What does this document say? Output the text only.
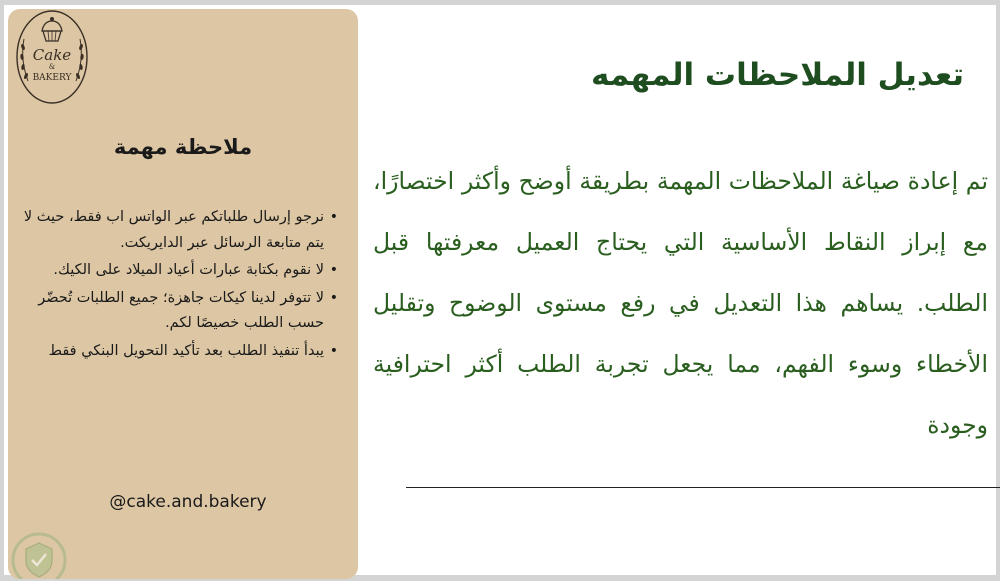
Cake
&
BAKERY
ملاحظة مهمة
• نرجو إرسال طلباتكم عبر الواتس اب فقط، حيث لا يتم متابعة الرسائل عبر الدايريكت.
• لا نقوم بكتابة عبارات أعياد الميلاد على الكيك.
• لا تتوفر لدينا كيكات جاهزة؛ جميع الطلبات تُحضّر حسب الطلب خصيصًا لكم.
• يبدأ تنفيذ الطلب بعد تأكيد التحويل البنكي فقط
@cake.and.bakery
تعديل الملاحظات المهمه
تم إعادة صياغة الملاحظات المهمة بطريقة أوضح وأكثر اختصارًا، مع إبراز النقاط الأساسية التي يحتاج العميل معرفتها قبل الطلب. يساهم هذا التعديل في رفع مستوى الوضوح وتقليل الأخطاء وسوء الفهم، مما يجعل تجربة الطلب أكثر احترافية وجودة
